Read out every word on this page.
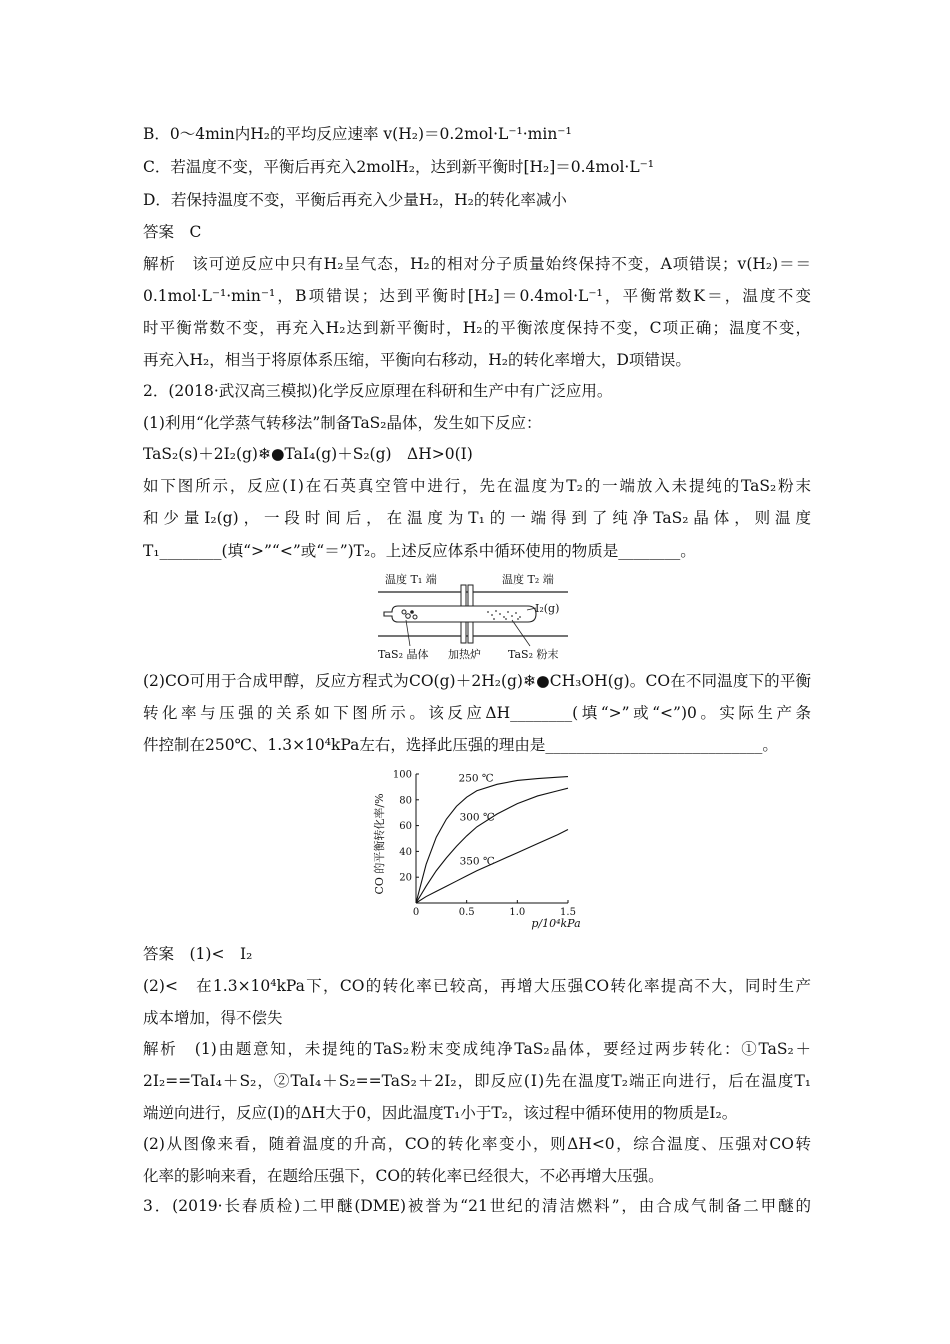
B．0～4min内H₂的平均反应速率 v(H₂)＝0.2mol·L⁻¹·min⁻¹
C．若温度不变，平衡后再充入2molH₂，达到新平衡时[H₂]＝0.4mol·L⁻¹
D．若保持温度不变，平衡后再充入少量H₂，H₂的转化率减小
答案　C
解析　该可逆反应中只有H₂呈气态，H₂的相对分子质量始终保持不变，A项错误；v(H₂)＝＝
0.1mol·L⁻¹·min⁻¹，B项错误；达到平衡时[H₂]＝0.4mol·L⁻¹，平衡常数K＝，温度不变
时平衡常数不变，再充入H₂达到新平衡时，H₂的平衡浓度保持不变，C项正确；温度不变，
再充入H₂，相当于将原体系压缩，平衡向右移动，H₂的转化率增大，D项错误。
2．(2018·武汉高三模拟)化学反应原理在科研和生产中有广泛应用。
(1)利用“化学蒸气转移法”制备TaS₂晶体，发生如下反应：
TaS₂(s)＋2I₂(g)❄●TaI₄(g)＋S₂(g)　ΔH>0(Ⅰ)
如下图所示，反应(Ⅰ)在石英真空管中进行，先在温度为T₂的一端放入未提纯的TaS₂粉末
和少量I₂(g)，一段时间后，在温度为T₁的一端得到了纯净TaS₂晶体，则温度
T₁________(填“>”“<”或“＝”)T₂。上述反应体系中循环使用的物质是________。
温度 T₁ 端	温度 T₂ 端
I₂(g)
TaS₂ 晶体 加热炉 TaS₂ 粉末
(2)CO可用于合成甲醇，反应方程式为CO(g)＋2H₂(g)❄●CH₃OH(g)。CO在不同温度下的平衡
转化率与压强的关系如下图所示。该反应ΔH________(填“>”或“<”)0。实际生产条
件控制在250℃、1.3×10⁴kPa左右，选择此压强的理由是____________________________。
CO 的平衡转化率/%
p/10⁴kPa
0	0.5	1.0	1.5
20
40
60
80
100	250 ℃
300 ℃
350 ℃
答案　(1)<　I₂
(2)<　在1.3×10⁴kPa下，CO的转化率已较高，再增大压强CO转化率提高不大，同时生产
成本增加，得不偿失
解析　(1)由题意知，未提纯的TaS₂粉末变成纯净TaS₂晶体，要经过两步转化：①TaS₂＋
2I₂==TaI₄＋S₂，②TaI₄＋S₂==TaS₂＋2I₂，即反应(Ⅰ)先在温度T₂端正向进行，后在温度T₁
端逆向进行，反应(Ⅰ)的ΔH大于0，因此温度T₁小于T₂，该过程中循环使用的物质是I₂。
(2)从图像来看，随着温度的升高，CO的转化率变小，则ΔH<0，综合温度、压强对CO转
化率的影响来看，在题给压强下，CO的转化率已经很大，不必再增大压强。
3．(2019·长春质检)二甲醚(DME)被誉为“21世纪的清洁燃料”，由合成气制备二甲醚的
